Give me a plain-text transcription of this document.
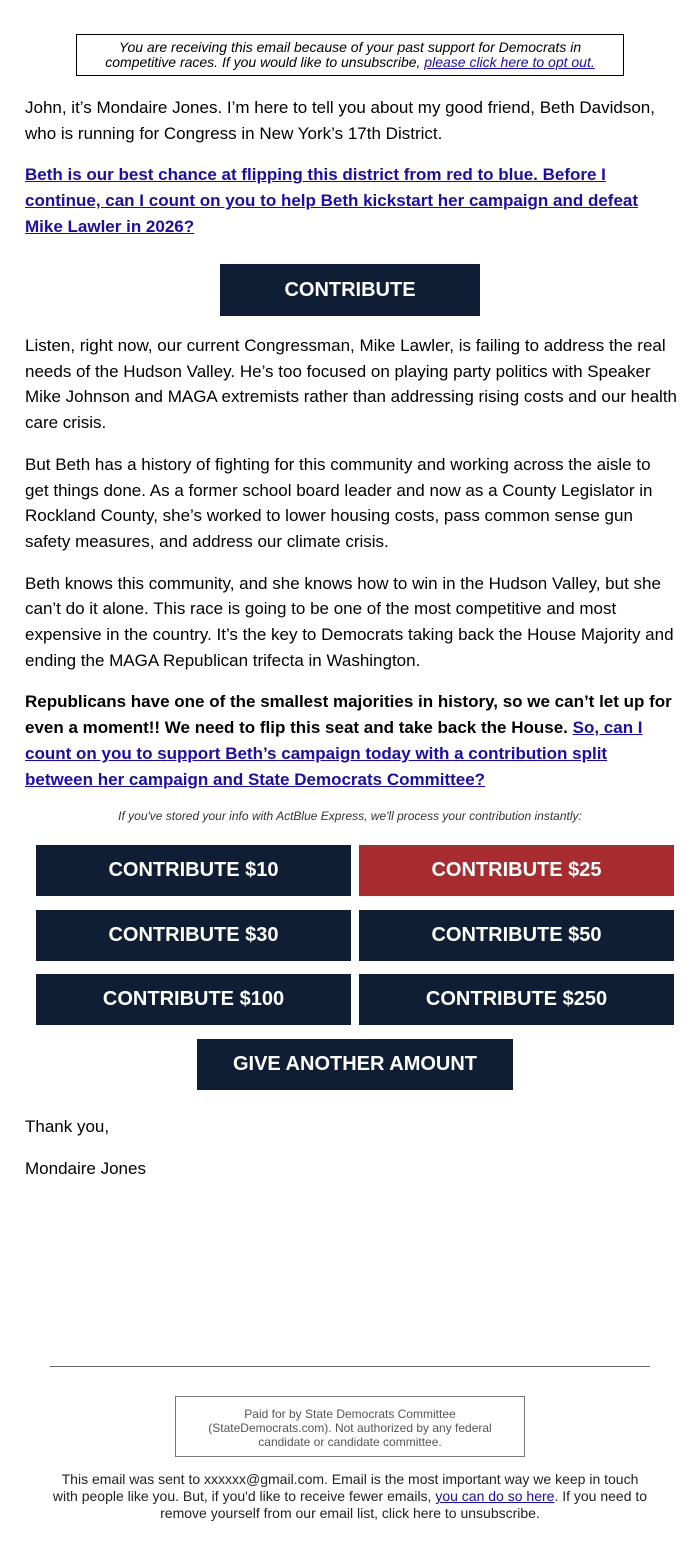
You are receiving this email because of your past support for Democrats in competitive races. If you would like to unsubscribe, please click here to opt out.

John, it’s Mondaire Jones. I’m here to tell you about my good friend, Beth Davidson, who is running for Congress in New York’s 17th District.

Beth is our best chance at flipping this district from red to blue. Before I continue, can I count on you to help Beth kickstart her campaign and defeat Mike Lawler in 2026?

CONTRIBUTE

Listen, right now, our current Congressman, Mike Lawler, is failing to address the real needs of the Hudson Valley. He’s too focused on playing party politics with Speaker Mike Johnson and MAGA extremists rather than addressing rising costs and our health care crisis.

But Beth has a history of fighting for this community and working across the aisle to get things done. As a former school board leader and now as a County Legislator in Rockland County, she’s worked to lower housing costs, pass common sense gun safety measures, and address our climate crisis.

Beth knows this community, and she knows how to win in the Hudson Valley, but she can’t do it alone. This race is going to be one of the most competitive and most expensive in the country. It’s the key to Democrats taking back the House Majority and ending the MAGA Republican trifecta in Washington.

Republicans have one of the smallest majorities in history, so we can’t let up for even a moment!! We need to flip this seat and take back the House. So, can I count on you to support Beth’s campaign today with a contribution split between her campaign and State Democrats Committee?

If you've stored your info with ActBlue Express, we'll process your contribution instantly:
CONTRIBUTE $10	CONTRIBUTE $25
CONTRIBUTE $30	CONTRIBUTE $50
CONTRIBUTE $100	CONTRIBUTE $250
GIVE ANOTHER AMOUNT
Thank you,
Mondaire Jones
Paid for by State Democrats Committee (StateDemocrats.com). Not authorized by any federal candidate or candidate committee.
This email was sent to xxxxxx@gmail.com. Email is the most important way we keep in touch with people like you. But, if you'd like to receive fewer emails, you can do so here. If you need to remove yourself from our email list, click here to unsubscribe.
